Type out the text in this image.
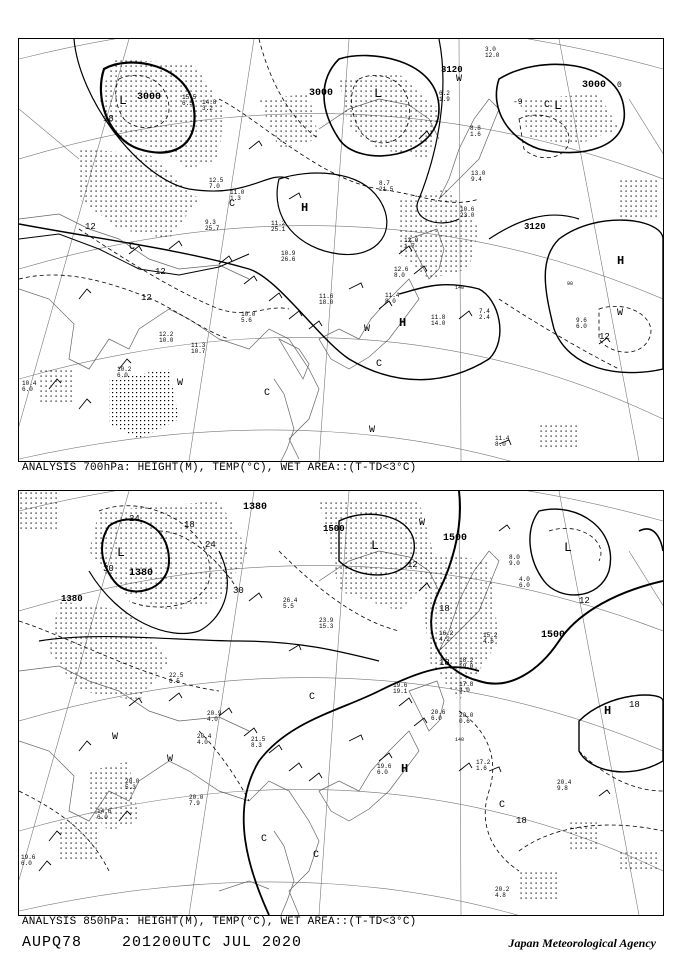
140
90
L	L
L
H
H
H
C
C
C
C
C
W
W
W
W
W
3000	3000
3000
3120
3120
18
12
12
12
12
-9
0
14.8
3.2
15.5
6.5
12.5
7.0
9.3
25.7
11.2
25.1
11.0
1.3
10.9
26.6
11.6
18.0
12.0
1.7
12.6
8.0
11.4
8.0
11.8
14.0
10.0
5.6
12.2
10.0
11.3
10.7
10.2
6.0
10.4
6.0
8.7
21.5
13.0
9.4
10.6
23.0
9.6
6.0
7.4
2.4
11.4
8.0
3.0
12.0
6.2
1.9
8.8
1.6
ANALYSIS 700hPa: HEIGHT(M), TEMP(°C), WET AREA::(T-TD<3°C)
140
L	L	L
H
H
C
C
C
C
W
W
W
1380
1380
1380
1500
1500
1500
24
18
30
30
24
12
18
18
18
18
12
20.9
4.0
26.4
5.5
23.9
15.3
19.6
19.1
20.6
6.0	20.0
0.6
17.8
3.0
19.6
6.0
17.2
1.6
20.4
9.8
20.2
4.8
20.0
7.9
19.6
6.0
21.5
8.3
22.5
6.5
20.4
4.0
16.2
4.2
18.2
19.0
15.2
4.6
8.0
9.0
4.0
6.0
20.0
5.3
14.6
6.0
ANALYSIS 850hPa: HEIGHT(M), TEMP(°C), WET AREA::(T-TD<3°C)
AUPQ78	201200UTC JUL 2020	Japan Meteorological Agency
